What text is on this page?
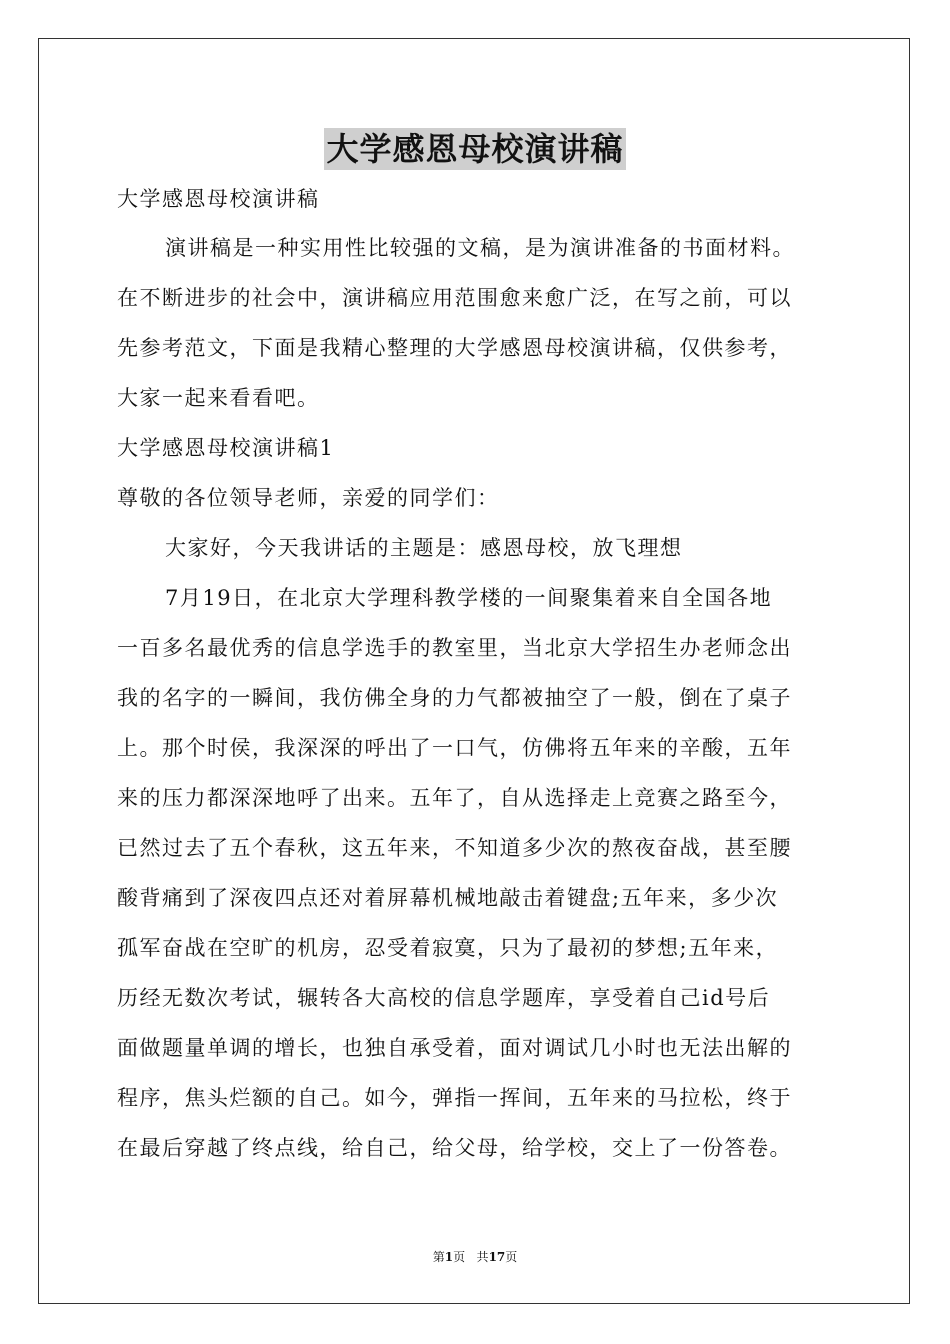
大学感恩母校演讲稿
大学感恩母校演讲稿
演讲稿是一种实用性比较强的文稿，是为演讲准备的书面材料。
在不断进步的社会中，演讲稿应用范围愈来愈广泛，在写之前，可以
先参考范文，下面是我精心整理的大学感恩母校演讲稿，仅供参考，
大家一起来看看吧。
大学感恩母校演讲稿1
尊敬的各位领导老师，亲爱的同学们：
大家好，今天我讲话的主题是：感恩母校，放飞理想
7月19日，在北京大学理科教学楼的一间聚集着来自全国各地
一百多名最优秀的信息学选手的教室里，当北京大学招生办老师念出
我的名字的一瞬间，我仿佛全身的力气都被抽空了一般，倒在了桌子
上。那个时侯，我深深的呼出了一口气，仿佛将五年来的辛酸，五年
来的压力都深深地呼了出来。五年了，自从选择走上竞赛之路至今，
已然过去了五个春秋，这五年来，不知道多少次的熬夜奋战，甚至腰
酸背痛到了深夜四点还对着屏幕机械地敲击着键盘;五年来，多少次
孤军奋战在空旷的机房，忍受着寂寞，只为了最初的梦想;五年来，
历经无数次考试，辗转各大高校的信息学题库，享受着自己id号后
面做题量单调的增长，也独自承受着，面对调试几小时也无法出解的
程序，焦头烂额的自己。如今，弹指一挥间，五年来的马拉松，终于
在最后穿越了终点线，给自己，给父母，给学校，交上了一份答卷。
第1页 共17页
